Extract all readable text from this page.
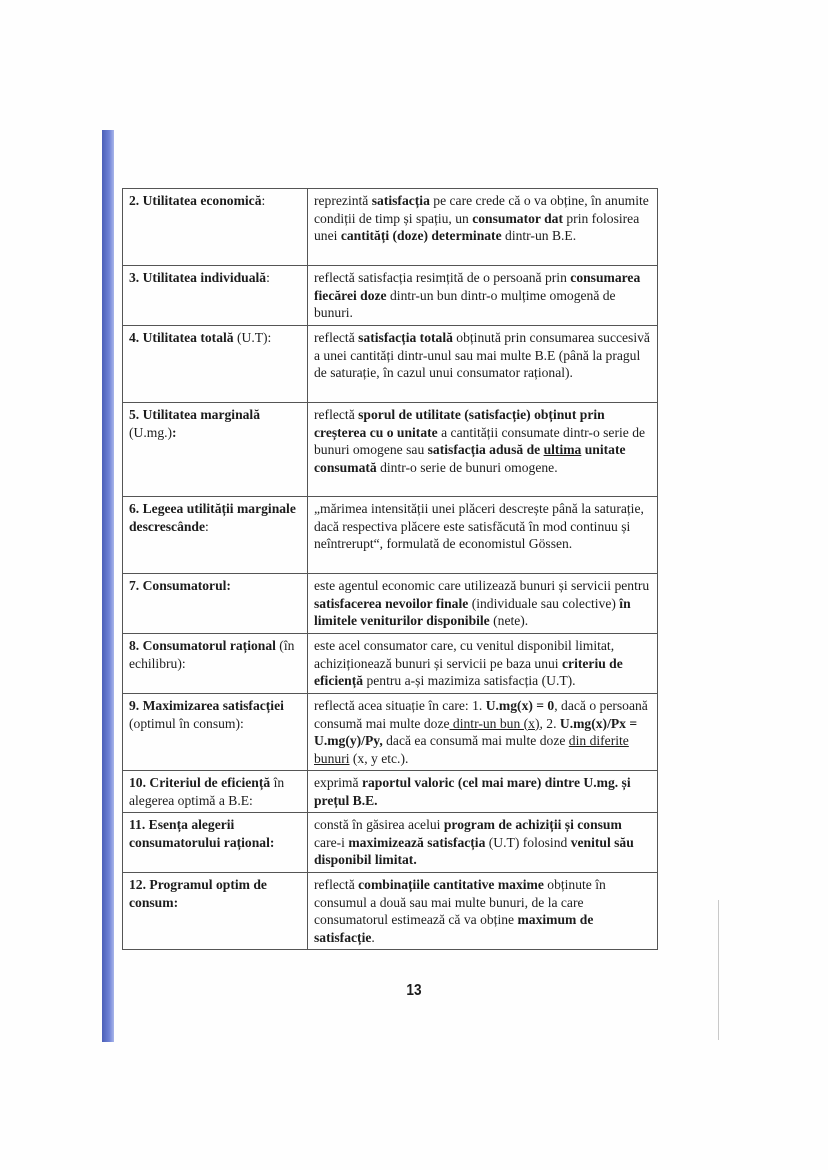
2. Utilitatea economică:	reprezintă satisfacția pe care crede că o va obține, în anumite condiții de timp și spațiu, un consumator dat prin folosirea unei cantități (doze) determinate dintr-un B.E.
3. Utilitatea individuală:	reflectă satisfacția resimțită de o persoană prin consumarea fiecărei doze dintr-un bun dintr-o mulțime omogenă de bunuri.
4. Utilitatea totală (U.T):	reflectă satisfacția totală obținută prin consumarea succesivă a unei cantități dintr-unul sau mai multe B.E (până la pragul de saturație, în cazul unui consumator rațional).
5. Utilitatea marginală (U.mg.):	reflectă sporul de utilitate (satisfacție) obținut prin creșterea cu o unitate a cantității consumate dintr-o serie de bunuri omogene sau satisfacția adusă de ultima unitate consumată dintr-o serie de bunuri omogene.
6. Legeea utilității marginale descrescânde:	„mărimea intensității unei plăceri descrește până la saturație, dacă respectiva plăcere este satisfăcută în mod continuu și neîntrerupt“, formulată de economistul Gössen.
7. Consumatorul:	este agentul economic care utilizează bunuri și servicii pentru satisfacerea nevoilor finale (individuale sau colective) în limitele veniturilor disponibile (nete).
8. Consumatorul rațional (în echilibru):	este acel consumator care, cu venitul disponibil limitat, achiziționează bunuri și servicii pe baza unui criteriu de eficiență pentru a-și mazimiza satisfacția (U.T).
9. Maximizarea satisfacției (optimul în consum):	reflectă acea situație în care: 1. U.mg(x) = 0, dacă o persoană consumă mai multe doze dintr-un bun (x), 2. U.mg(x)/Px = U.mg(y)/Py, dacă ea consumă mai multe doze din diferite bunuri (x, y etc.).
10. Criteriul de eficiență în alegerea optimă a B.E:	exprimă raportul valoric (cel mai mare) dintre U.mg. și prețul B.E.
11. Esența alegerii consumatorului rațional:	constă în găsirea acelui program de achiziții și consum care-i maximizează satisfacția (U.T) folosind venitul său disponibil limitat.
12. Programul optim de consum:	reflectă combinațiile cantitative maxime obținute în consumul a două sau mai multe bunuri, de la care consumatorul estimează că va obține maximum de satisfacție.
13
